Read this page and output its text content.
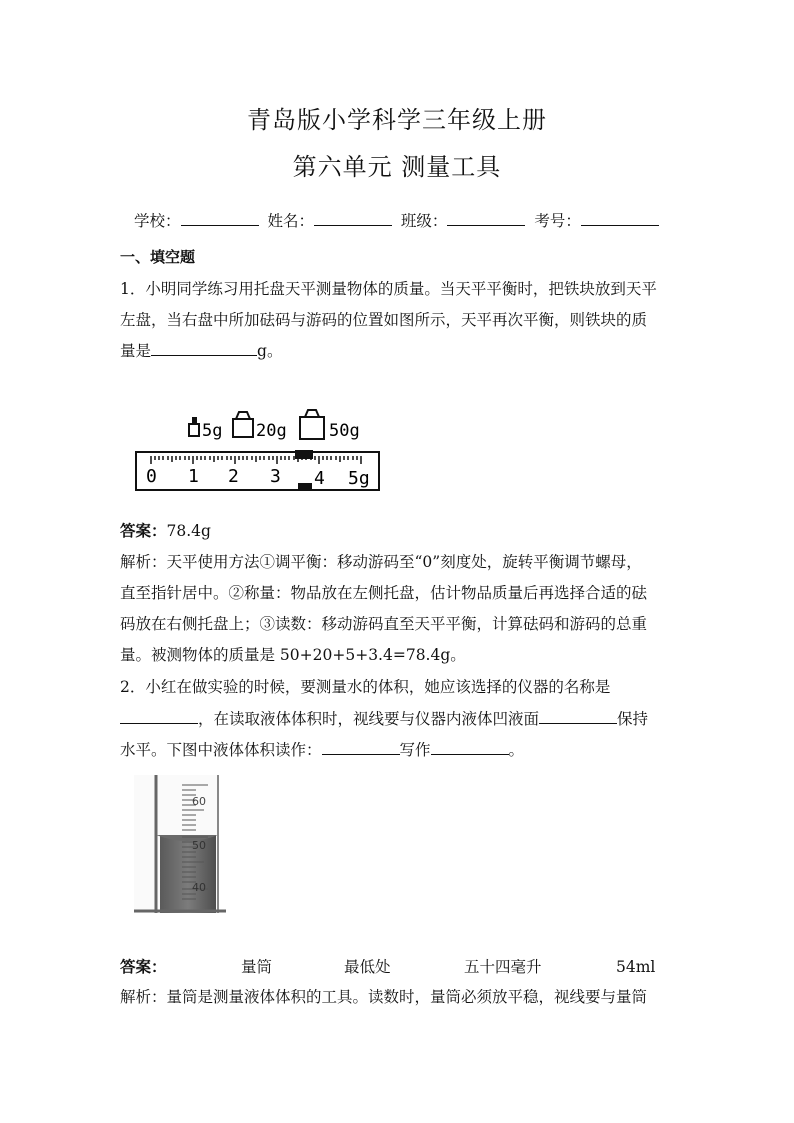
青岛版小学科学三年级上册
第六单元 测量工具
学校：	姓名：	班级：	考号：
一、填空题
1．小明同学练习用托盘天平测量物体的质量。当天平平衡时，把铁块放到天平
左盘，当右盘中所加砝码与游码的位置如图所示，天平再次平衡，则铁块的质
量是	g。
5g 20g 50g
0 1 2 3 4 5g
答案：78.4g
解析：天平使用方法①调平衡：移动游码至“0”刻度处，旋转平衡调节螺母，
直至指针居中。②称量：物品放在左侧托盘，估计物品质量后再选择合适的砝
码放在右侧托盘上；③读数：移动游码直至天平平衡，计算砝码和游码的总重
量。被测物体的质量是 50+20+5+3.4=78.4g。
2．小红在做实验的时候，要测量水的体积，她应该选择的仪器的名称是
，在读取液体体积时，视线要与仪器内液体凹液面	保持
水平。下图中液体体积读作：	写作	。
60
50
40
答案：	量筒	最低处	五十四毫升	54ml
解析：量筒是测量液体体积的工具。读数时，量筒必须放平稳，视线要与量筒
